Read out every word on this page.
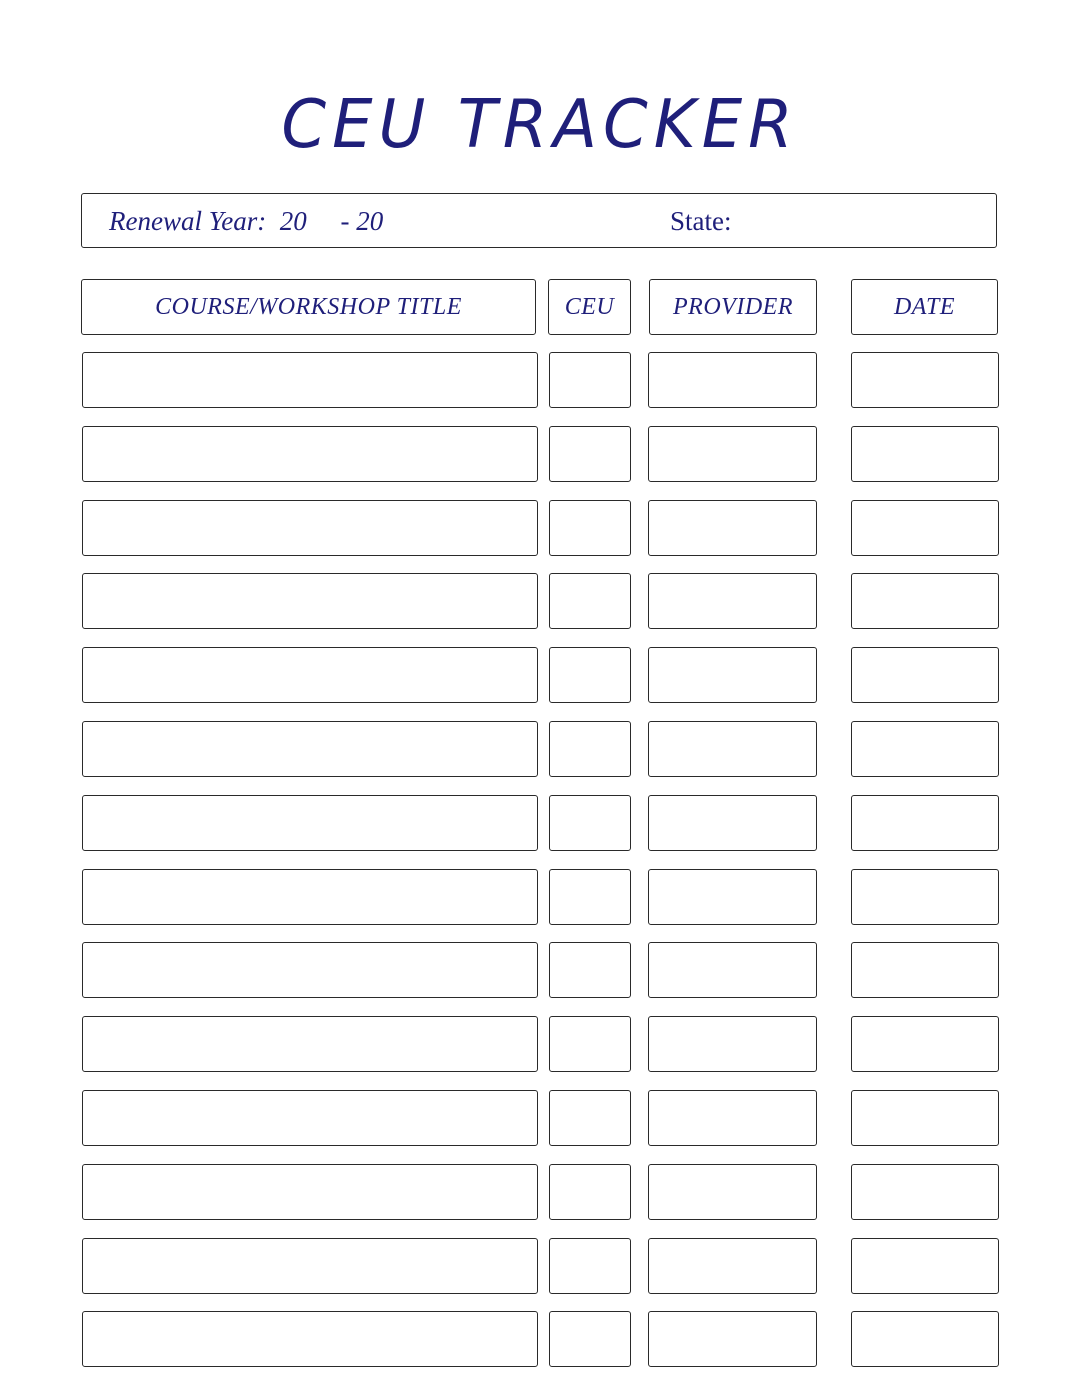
CEU TRACKER
Renewal Year: 20 - 20	State:
COURSE/WORKSHOP TITLE	CEU	PROVIDER	DATE
